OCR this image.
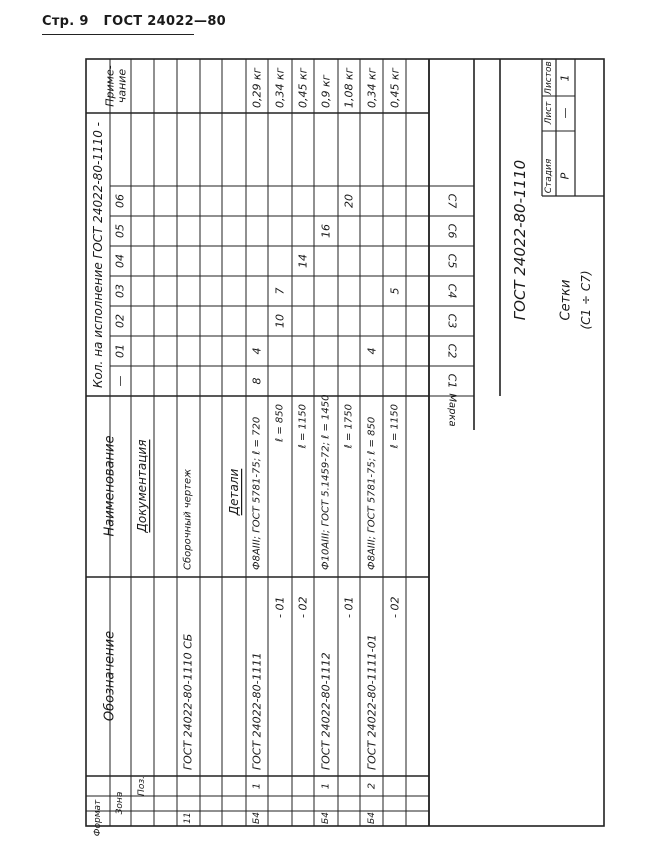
Стр. 9 ГОСТ 24022—80
Формат Зона
Поз.
Обозначение
Наименование
Кол. на исполнение ГОСТ 24022-80-1110 -
Приме- чание
—
01
02
03
04
05
06
Документация
11
ГОСТ 24022-80-1110 СБ
Сборочный чертеж	Детали
Б4
1
ГОСТ 24022-80-1111
Ф8АIII; ГОСТ 5781-75; ℓ = 720
8
4
0,29 кг
- 01
ℓ = 850
10
7
0,34 кг
- 02
ℓ = 1150
14
0,45 кг
Б4
1
ГОСТ 24022-80-1112
Ф10АIII; ГОСТ 5.1459-72; ℓ = 1450
16
0,9 кг
- 01
ℓ = 1750
20
1,08 кг
Б4
2
ГОСТ 24022-80-1111-01
Ф8АIII; ГОСТ 5781-75; ℓ = 850
4
0,34 кг
- 02
ℓ = 1150
5
0,45 кг
Марка
С1
С2
С3
С4
С5
С6
С7	ГОСТ 24022-80-1110 Сетки (С1 ÷ С7)
Стадия
Лист
Листов
Р
—
1
